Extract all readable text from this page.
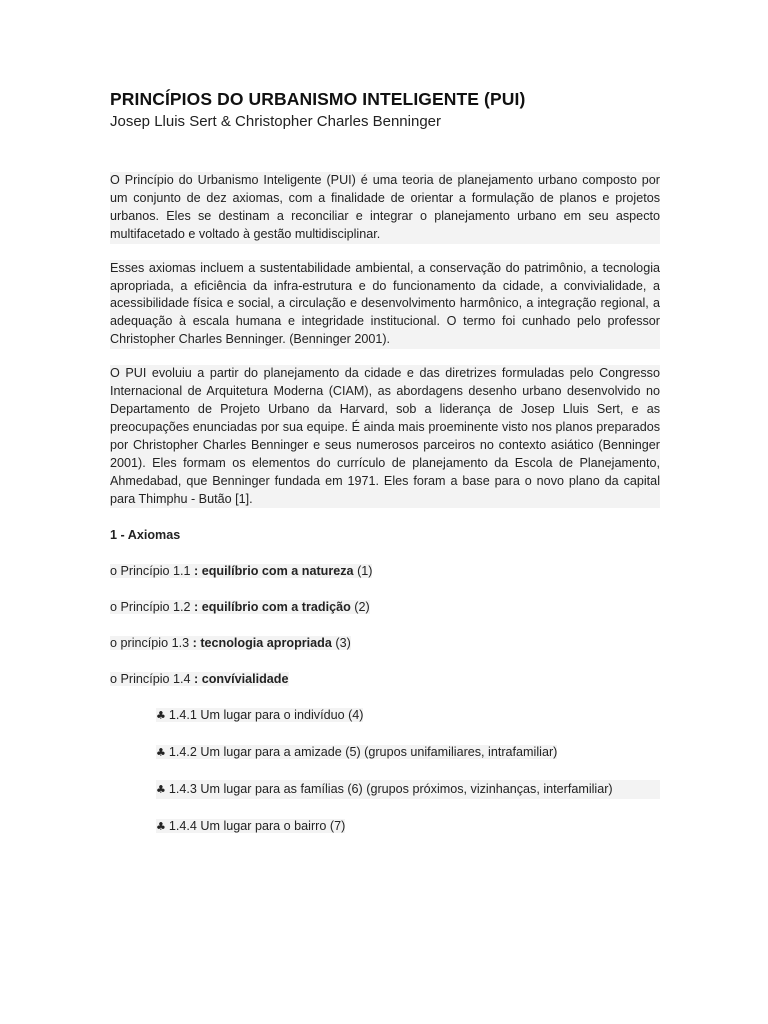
PRINCÍPIOS DO URBANISMO INTELIGENTE (PUI)
Josep Lluis Sert & Christopher Charles Benninger

O Princípio do Urbanismo Inteligente (PUI) é uma teoria de planejamento urbano composto por um conjunto de dez axiomas, com a finalidade de orientar a formulação de planos e projetos urbanos. Eles se destinam a reconciliar e integrar o planejamento urbano em seu aspecto multifacetado e voltado à gestão multidisciplinar.

Esses axiomas incluem a sustentabilidade ambiental, a conservação do patrimônio, a tecnologia apropriada, a eficiência da infra-estrutura e do funcionamento da cidade, a convivialidade, a acessibilidade física e social, a circulação e desenvolvimento harmônico, a integração regional, a adequação à escala humana e integridade institucional. O termo foi cunhado pelo professor Christopher Charles Benninger. (Benninger 2001).

O PUI evoluiu a partir do planejamento da cidade e das diretrizes formuladas pelo Congresso Internacional de Arquitetura Moderna (CIAM), as abordagens desenho urbano desenvolvido no Departamento de Projeto Urbano da Harvard, sob a liderança de Josep Lluis Sert, e as preocupações enunciadas por sua equipe. É ainda mais proeminente visto nos planos preparados por Christopher Charles Benninger e seus numerosos parceiros no contexto asiático (Benninger 2001). Eles formam os elementos do currículo de planejamento da Escola de Planejamento, Ahmedabad, que Benninger fundada em 1971. Eles foram a base para o novo plano da capital para Thimphu - Butão [1].

1 - Axiomas
o Princípio 1.1 : equilíbrio com a natureza (1)
o Princípio 1.2 : equilíbrio com a tradição (2)
o princípio 1.3 : tecnologia apropriada (3)
o Princípio 1.4 : convívialidade
♣ 1.4.1 Um lugar para o indivíduo (4)
♣ 1.4.2 Um lugar para a amizade (5) (grupos unifamiliares, intrafamiliar)
♣ 1.4.3 Um lugar para as famílias (6) (grupos próximos, vizinhanças, interfamiliar)
♣ 1.4.4 Um lugar para o bairro (7)
